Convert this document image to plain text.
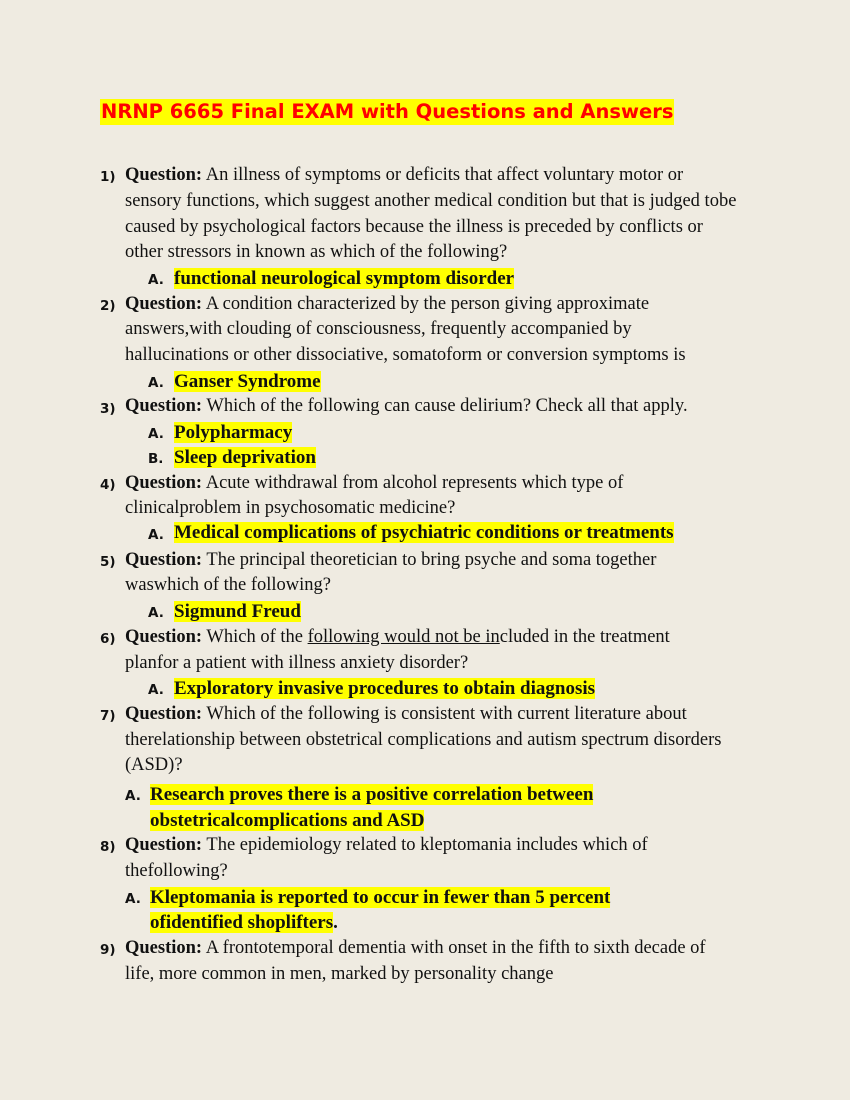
NRNP 6665 Final EXAM with Questions and Answers
1) Question: An illness of symptoms or deficits that affect voluntary motor or sensory functions, which suggest another medical condition but that is judged tobe caused by psychological factors because the illness is preceded by conflicts or other stressors in known as which of the following?
A. functional neurological symptom disorder
2) Question: A condition characterized by the person giving approximate answers,with clouding of consciousness, frequently accompanied by hallucinations or other dissociative, somatoform or conversion symptoms is
A. Ganser Syndrome
3) Question: Which of the following can cause delirium? Check all that apply.
A. Polypharmacy
B. Sleep deprivation
4) Question: Acute withdrawal from alcohol represents which type of clinicalproblem in psychosomatic medicine?
A. Medical complications of psychiatric conditions or treatments
5) Question: The principal theoretician to bring psyche and soma together waswhich of the following?
A. Sigmund Freud
6) Question: Which of the following would not be included in the treatment planfor a patient with illness anxiety disorder?
A. Exploratory invasive procedures to obtain diagnosis
7) Question: Which of the following is consistent with current literature about therelationship between obstetrical complications and autism spectrum disorders (ASD)?
A. Research proves there is a positive correlation between obstetricalcomplications and ASD
8) Question: The epidemiology related to kleptomania includes which of thefollowing?
A. Kleptomania is reported to occur in fewer than 5 percent ofidentified shoplifters.
9) Question: A frontotemporal dementia with onset in the fifth to sixth decade of life, more common in men, marked by personality change
